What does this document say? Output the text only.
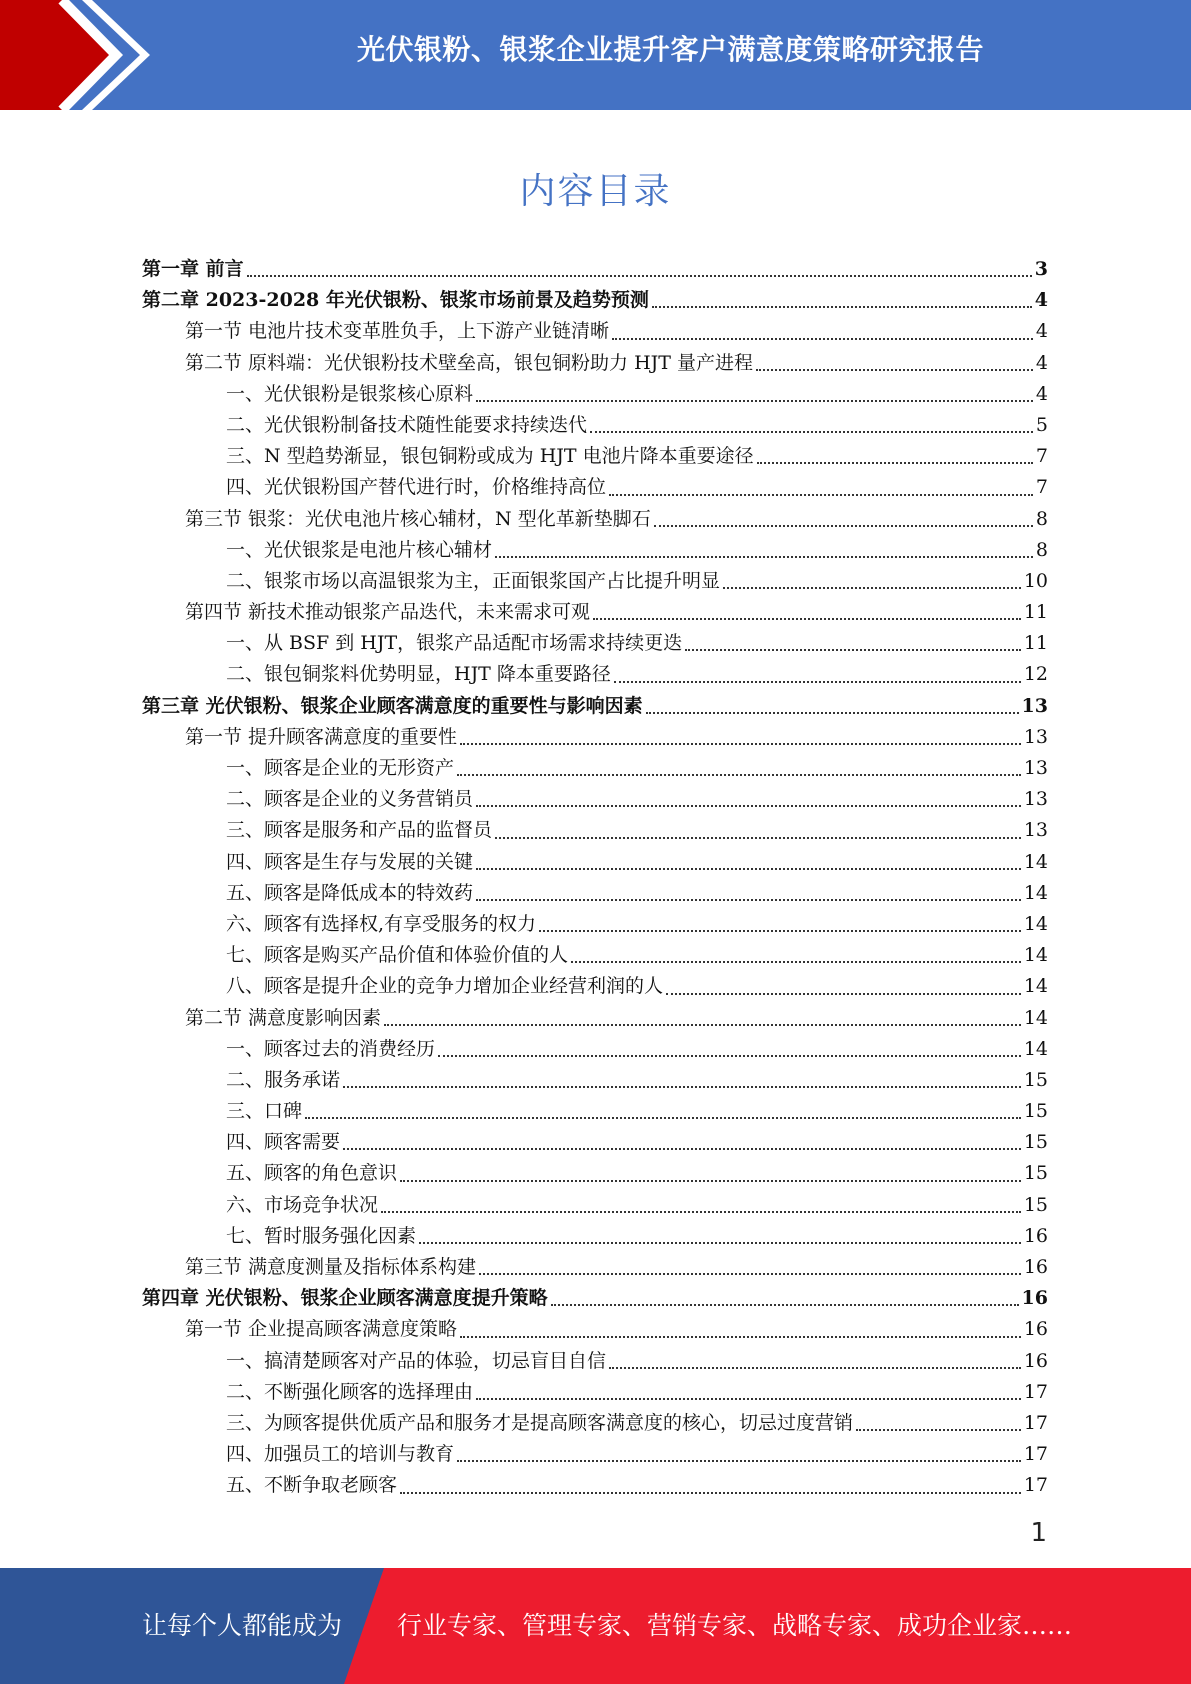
光伏银粉、银浆企业提升客户满意度策略研究报告
内容目录
第一章 前言	3
第二章 2023-2028 年光伏银粉、银浆市场前景及趋势预测	4
第一节 电池片技术变革胜负手，上下游产业链清晰	4
第二节 原料端：光伏银粉技术壁垒高，银包铜粉助力 HJT 量产进程	4
一、光伏银粉是银浆核心原料	4
二、光伏银粉制备技术随性能要求持续迭代	5
三、N 型趋势渐显，银包铜粉或成为 HJT 电池片降本重要途径	7
四、光伏银粉国产替代进行时，价格维持高位	7
第三节 银浆：光伏电池片核心辅材，N 型化革新垫脚石	8
一、光伏银浆是电池片核心辅材	8
二、银浆市场以高温银浆为主，正面银浆国产占比提升明显	10
第四节 新技术推动银浆产品迭代，未来需求可观	11
一、从 BSF 到 HJT，银浆产品适配市场需求持续更迭	11
二、银包铜浆料优势明显，HJT 降本重要路径	12
第三章 光伏银粉、银浆企业顾客满意度的重要性与影响因素	13
第一节 提升顾客满意度的重要性	13
一、顾客是企业的无形资产	13
二、顾客是企业的义务营销员	13
三、顾客是服务和产品的监督员	13
四、顾客是生存与发展的关键	14
五、顾客是降低成本的特效药	14
六、顾客有选择权,有享受服务的权力	14
七、顾客是购买产品价值和体验价值的人	14
八、顾客是提升企业的竞争力增加企业经营利润的人	14
第二节 满意度影响因素	14
一、顾客过去的消费经历	14
二、服务承诺	15
三、口碑	15
四、顾客需要	15
五、顾客的角色意识	15
六、市场竞争状况	15
七、暂时服务强化因素	16
第三节 满意度测量及指标体系构建	16
第四章 光伏银粉、银浆企业顾客满意度提升策略	16
第一节 企业提高顾客满意度策略	16
一、搞清楚顾客对产品的体验，切忌盲目自信	16
二、不断强化顾客的选择理由	17
三、为顾客提供优质产品和服务才是提高顾客满意度的核心，切忌过度营销	17
四、加强员工的培训与教育	17
五、不断争取老顾客	17
1
让每个人都能成为 行业专家、管理专家、营销专家、战略专家、成功企业家……
